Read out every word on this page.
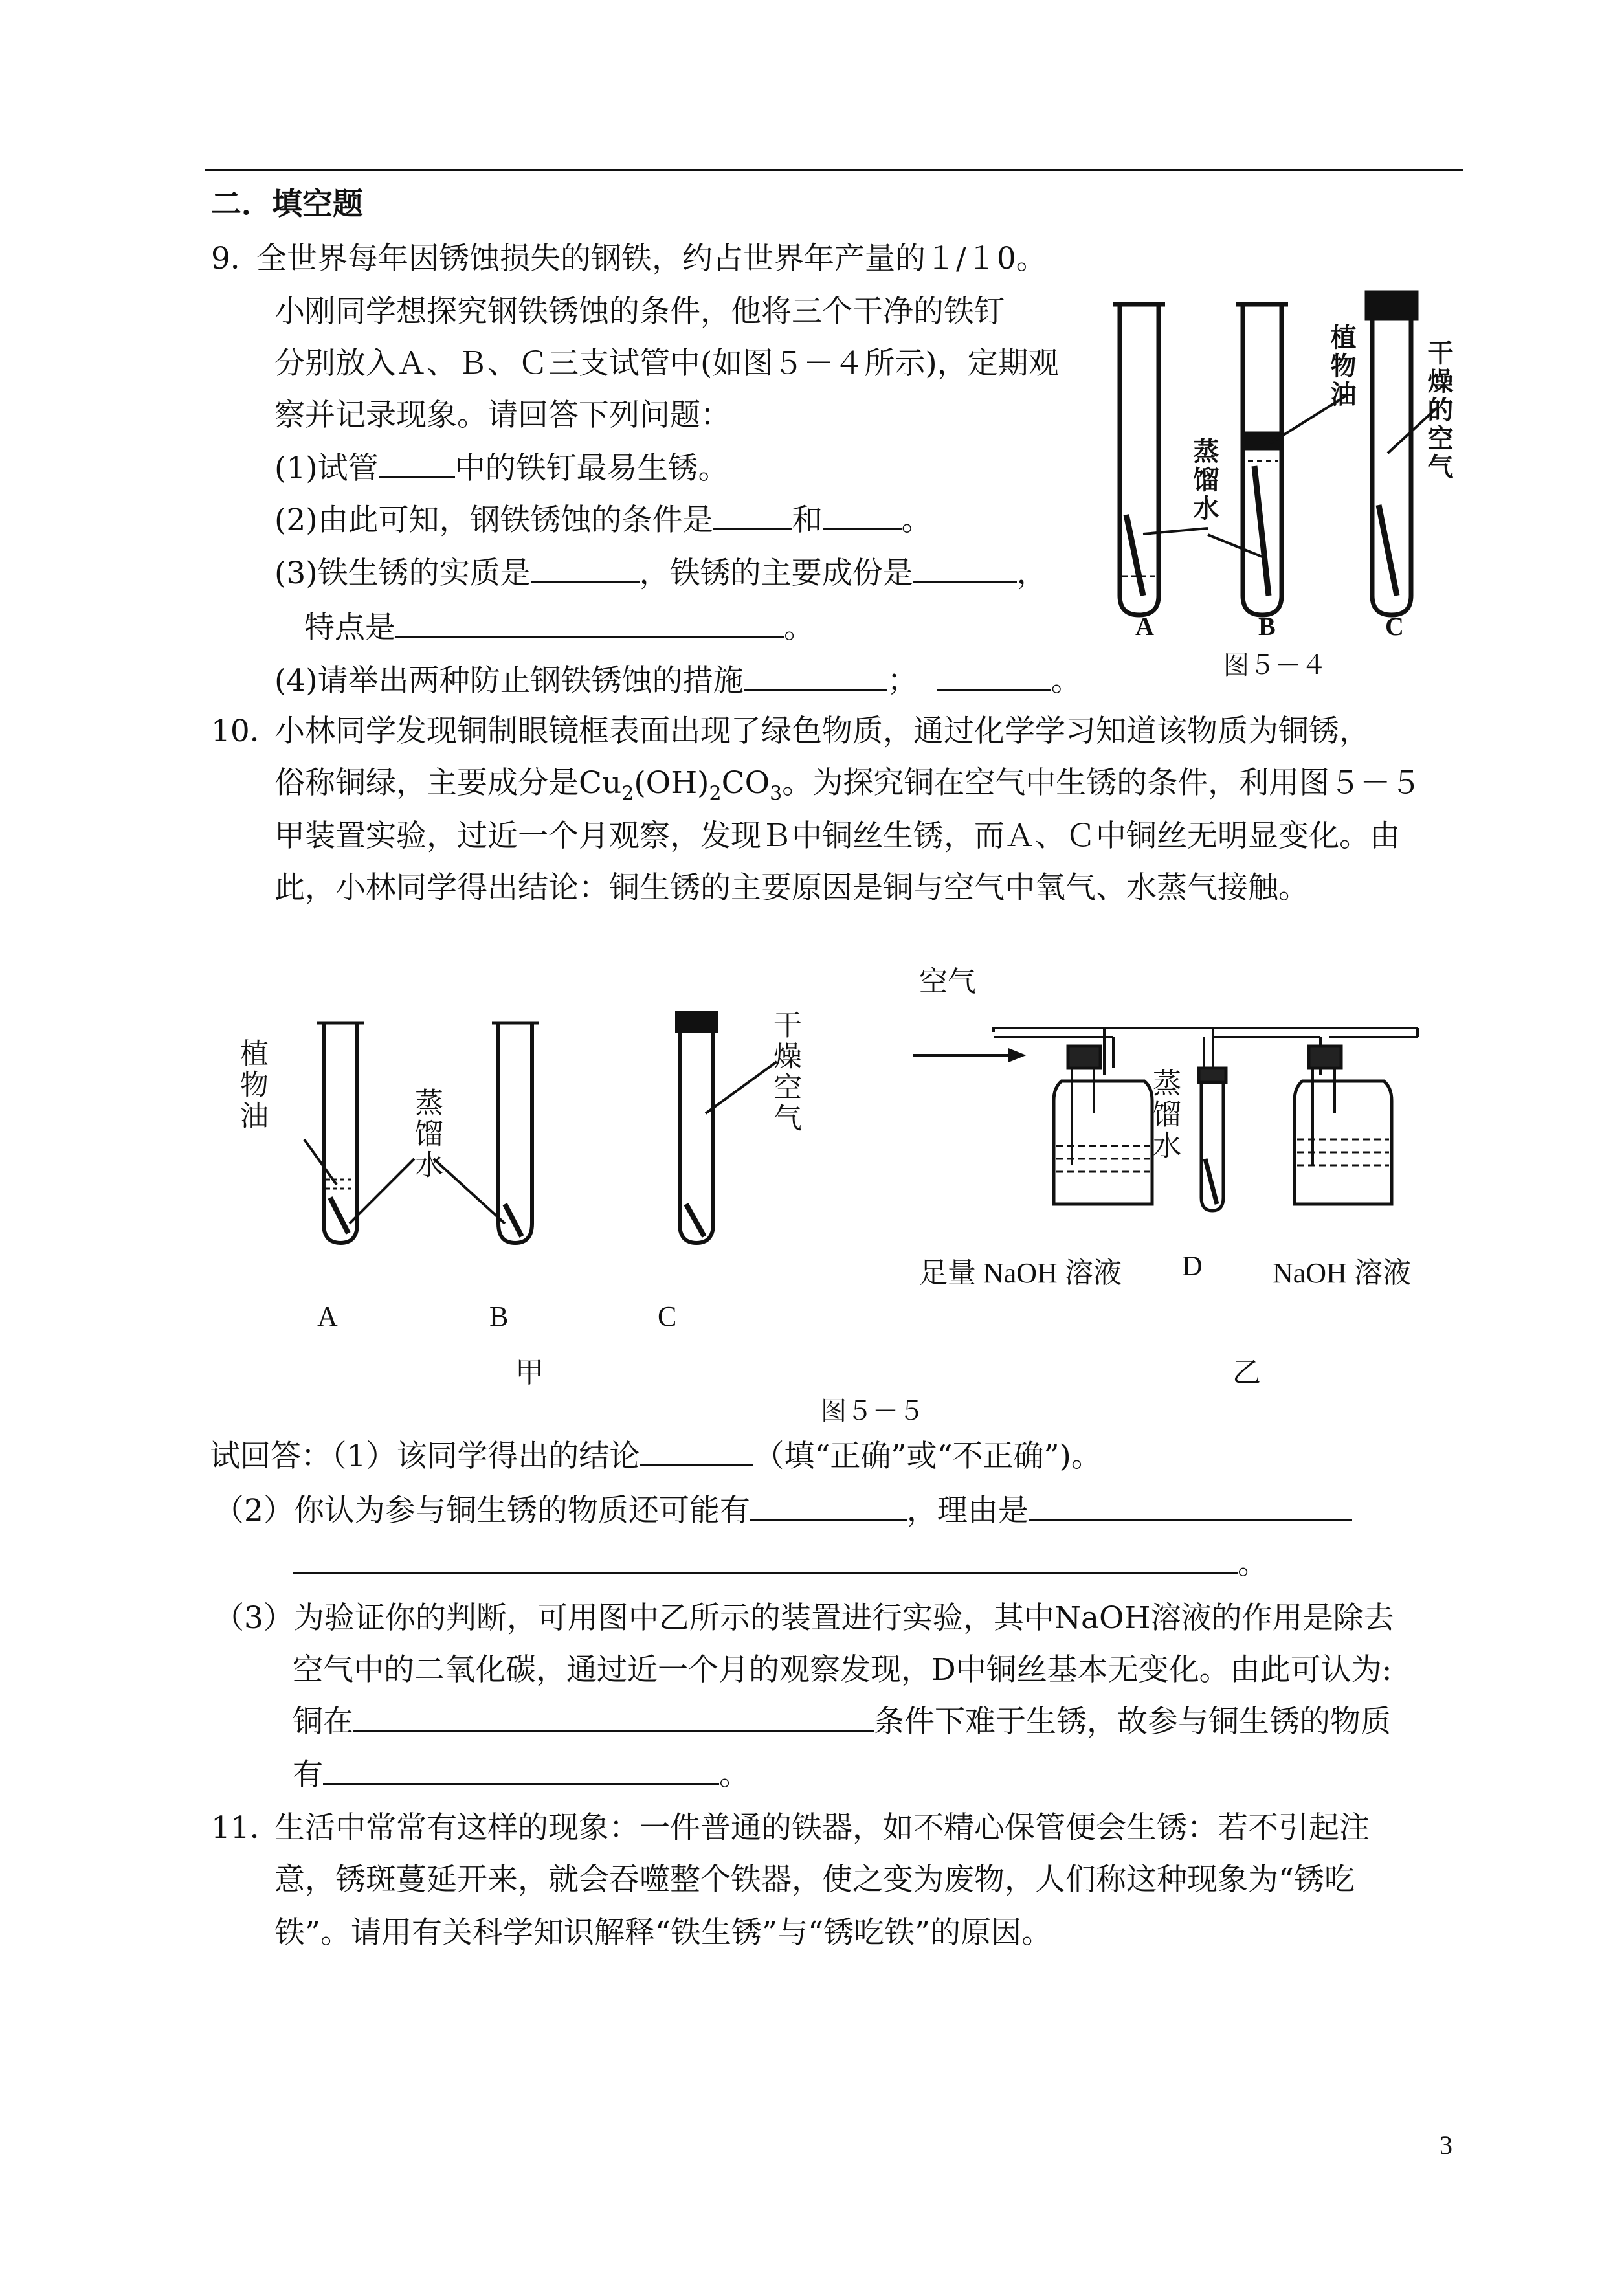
二．填空题
9．
全世界每年因锈蚀损失的钢铁，约占世界年产量的１/１0。
小刚同学想探究钢铁锈蚀的条件，他将三个干净的铁钉
分别放入Ａ、Ｂ、Ｃ三支试管中(如图５－４所示)，定期观
察并记录现象。请回答下列问题：
(1)试管	中的铁钉最易生锈。
(2)由此可知，钢铁锈蚀的条件是	和	。
(3)铁生锈的实质是	，铁锈的主要成份是	，
特点是	。
(4)请举出两种防止钢铁锈蚀的措施	；	。
植物油
蒸馏水	干燥的空气
A	B	C
图５－４
10．
小林同学发现铜制眼镜框表面出现了绿色物质，通过化学学习知道该物质为铜锈，
俗称铜绿，主要成分是$Cu_2(OH)_2CO_3$。为探究铜在空气中生锈的条件，利用图５－５
甲装置实验，过近一个月观察，发现Ｂ中铜丝生锈，而Ａ、Ｃ中铜丝无明显变化。由
此，小林同学得出结论：铜生锈的主要原因是铜与空气中氧气、水蒸气接触。
植物油
蒸馏水	干燥空气
A	B	C
甲
空气
蒸馏水
足量 NaOH 溶液 D NaOH 溶液
乙
图５－５
试回答：（1）该同学得出的结论	（填“正确”或“不正确”)。
（2）你认为参与铜生锈的物质还可能有	，理由是
。
（3）为验证你的判断，可用图中乙所示的装置进行实验，其中NaOH溶液的作用是除去
空气中的二氧化碳，通过近一个月的观察发现，D中铜丝基本无变化。由此可认为:
铜在	条件下难于生锈，故参与铜生锈的物质
有	。
11．
生活中常常有这样的现象：一件普通的铁器，如不精心保管便会生锈：若不引起注
意，锈斑蔓延开来，就会吞噬整个铁器，使之变为废物，人们称这种现象为“锈吃
铁”。请用有关科学知识解释“铁生锈”与“锈吃铁”的原因。
3
